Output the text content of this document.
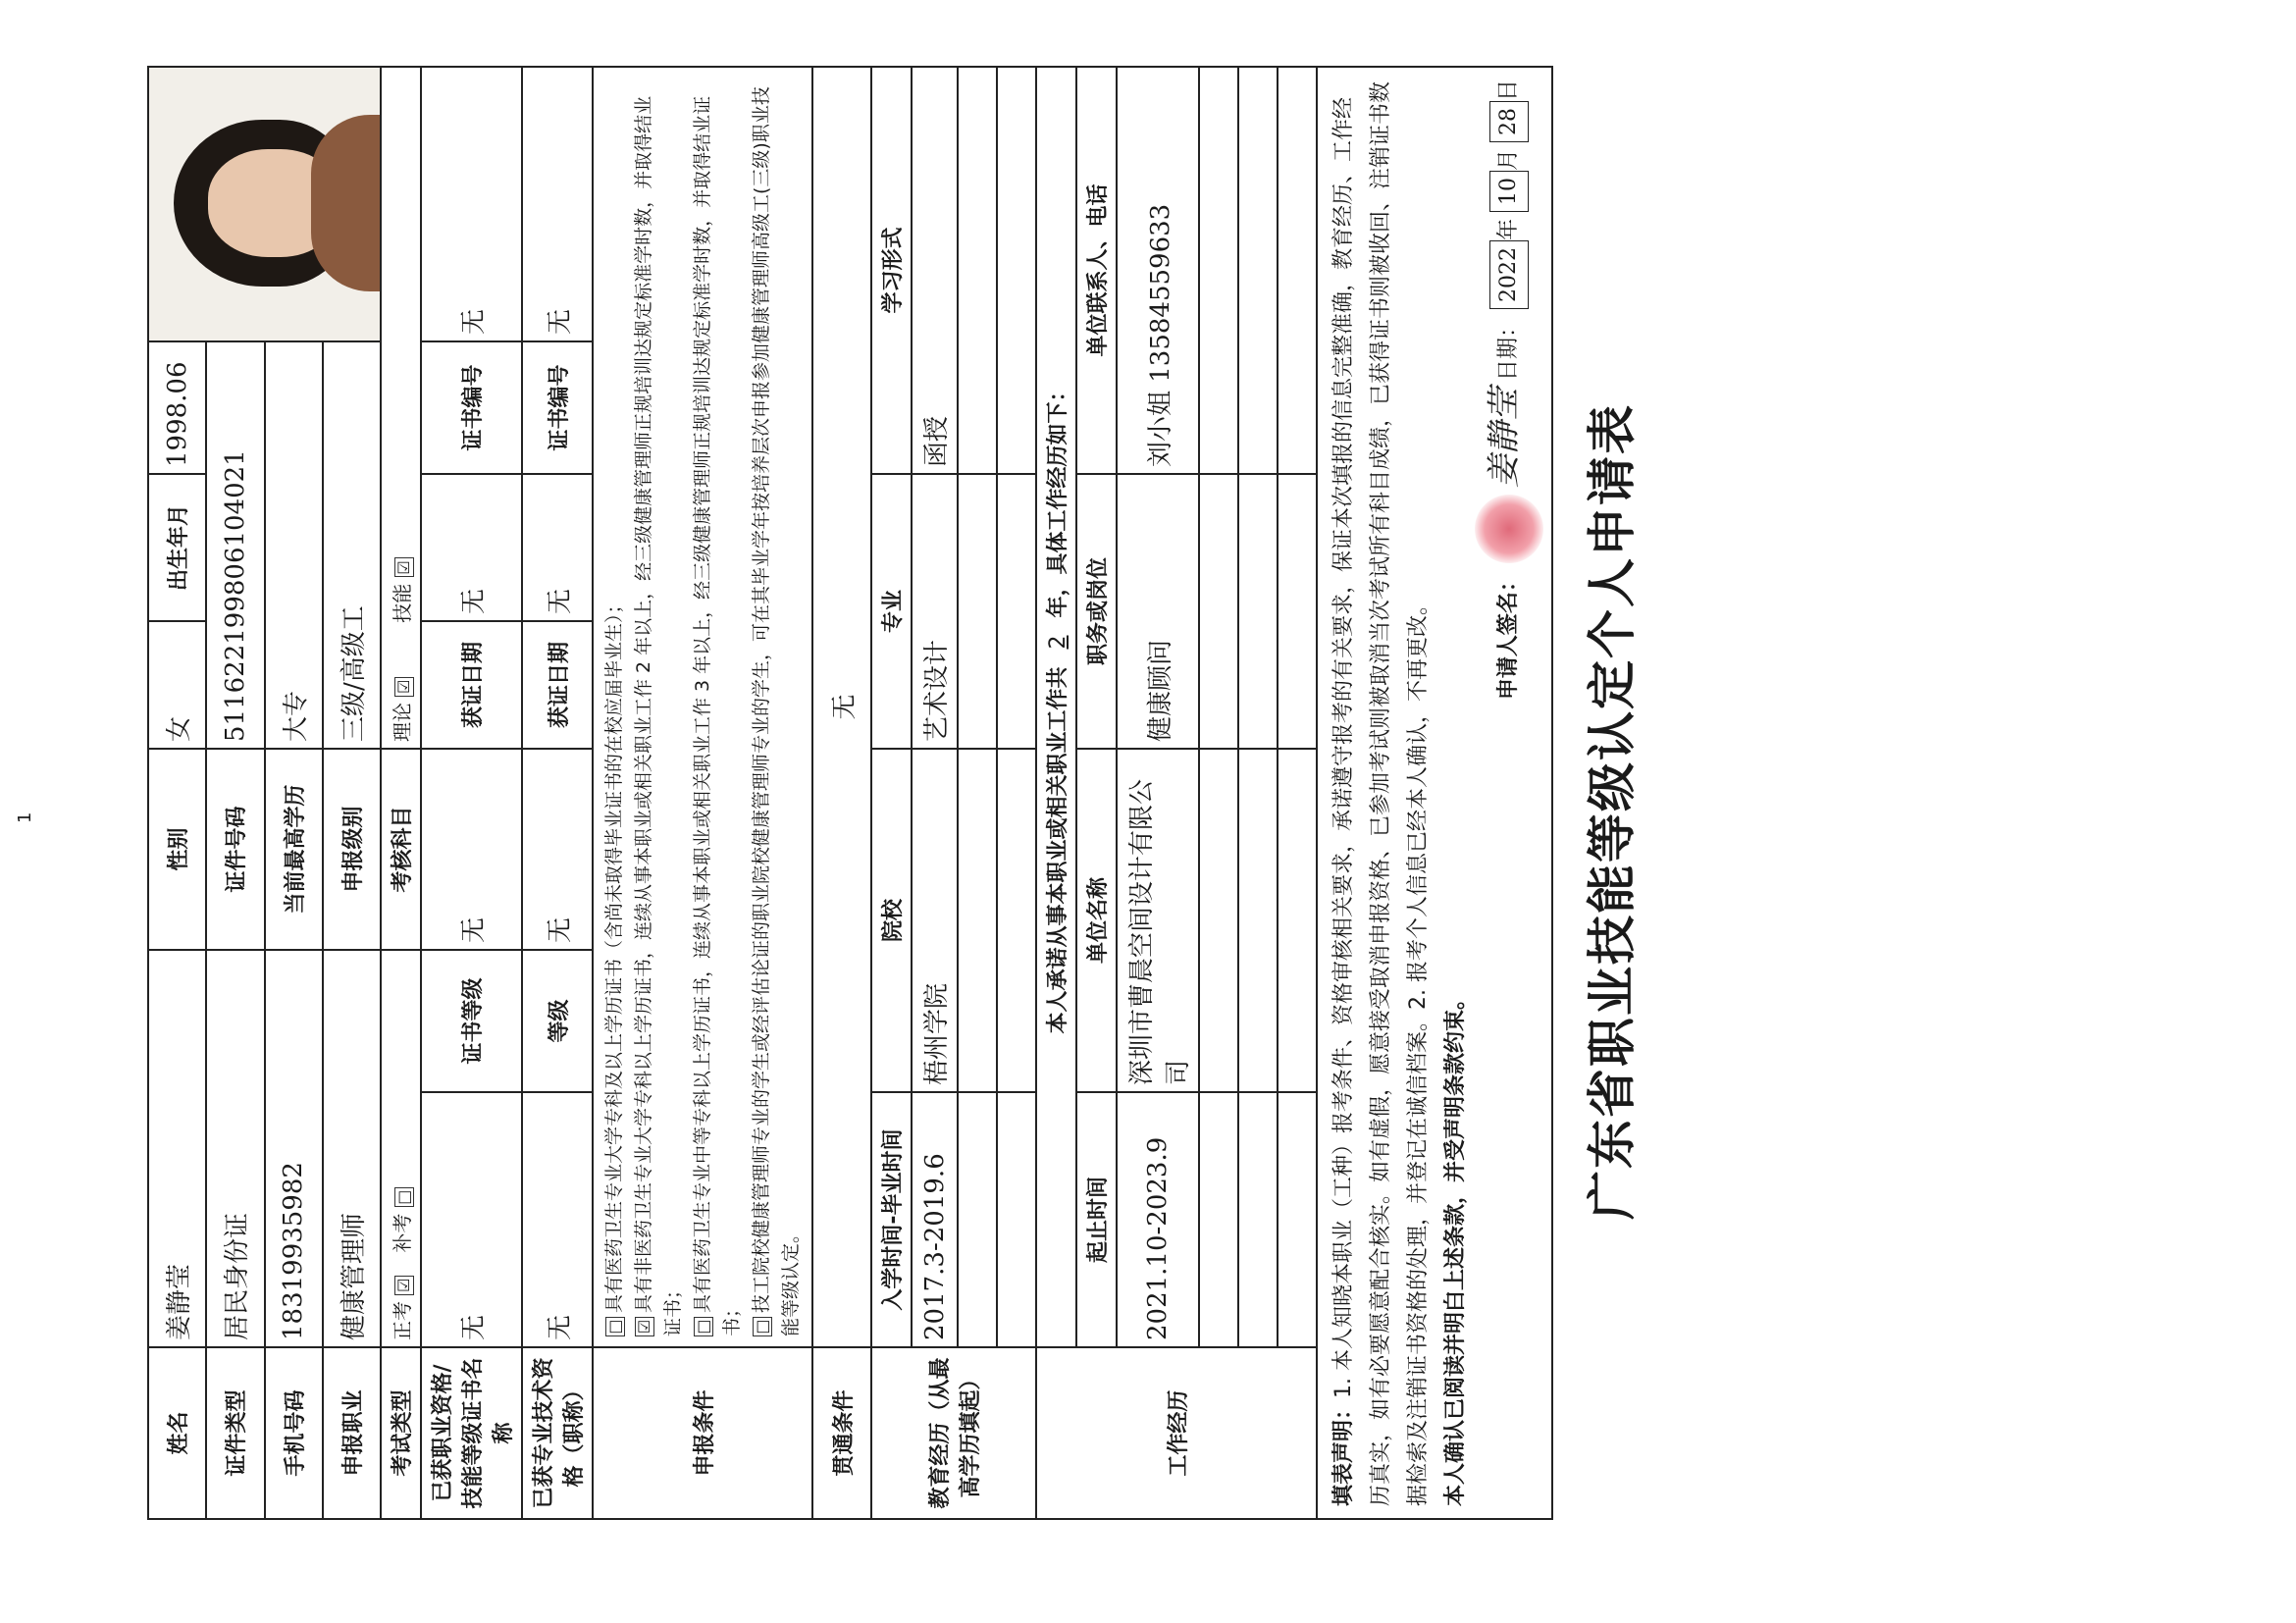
广东省职业技能等级认定个人申请表
姓名	姜静莹		性别	女	出生年月	1998.06	

证件类型	居民身份证		证件号码	511622199806104021			
手机号码	18319935982		当前最高学历	大专			
申报职业	健康管理师		申报级别	三级/高级工			
考试类型	正考 ☑   补考 □		考核科目	理论 ☑        技能 ☑			
已获职业资格/技能等级证书名称	无	证书等级	无	获证日期	无	证书编号	无
已获专业技术资格（职称）	无	等级	无	获证日期	无	证书编号	无
申报条件	□具有医药卫生专业大学专科及以上学历证书（含尚未取得毕业证书的在校应届毕业生）；

☑具有非医药卫生专业大学专科以上学历证书，连续从事本职业或相关职业工作 2 年以上，经三级健康管理师正规培训达规定标准学时数，并取得结业证书； □具有医药卫生专业中等专科以上学历证书，连续从事本职业或相关职业工作 3 年以上，经三级健康管理师正规培训达规定标准学时数，并取得结业证书； □技工院校健康管理师专业的学生或经评估论证的职业院校健康管理师专业的学生，可在其毕业学年按培养层次申报参加健康管理师高级工(三级)职业技能等级认定。						

贯通条件	无						
教育经历（从最高学历填起）	入学时间-毕业时间	院校		专业		学习形式	
	2017.3-2019.6	梧州学院		艺术设计		函授	

工作经历	本人承诺从事本职业或相关职业工作共2年，具体工作经历如下：						
	起止时间	单位名称		职务或岗位		单位联系人、电话	
	2021.10-2023.9	深圳市曹晨空间设计有限公司		健康顾问		刘小姐 13584559633	

填表声明：1. 本人知晓本职业（工种）报考条件、资格审核相关要求，承诺遵守报考的有关要求，保证本次填报的信息完整准确，教育经历、工作经历真实，如有必要愿意配合核实。如有虚假，愿意接受取消申报资格、已参加考试则被取消当次考试所有科目成绩，已获得证书则被收回、注销证书数据检索及注销证书资格的处理，并登记在诚信档案。2. 报考个人信息已经本人确认，不再更改。 本人确认已阅读并明白上述条款，并受声明条款约束。
申请人签名：  姜静莹 日期： 2022年 10月 28日							
1
